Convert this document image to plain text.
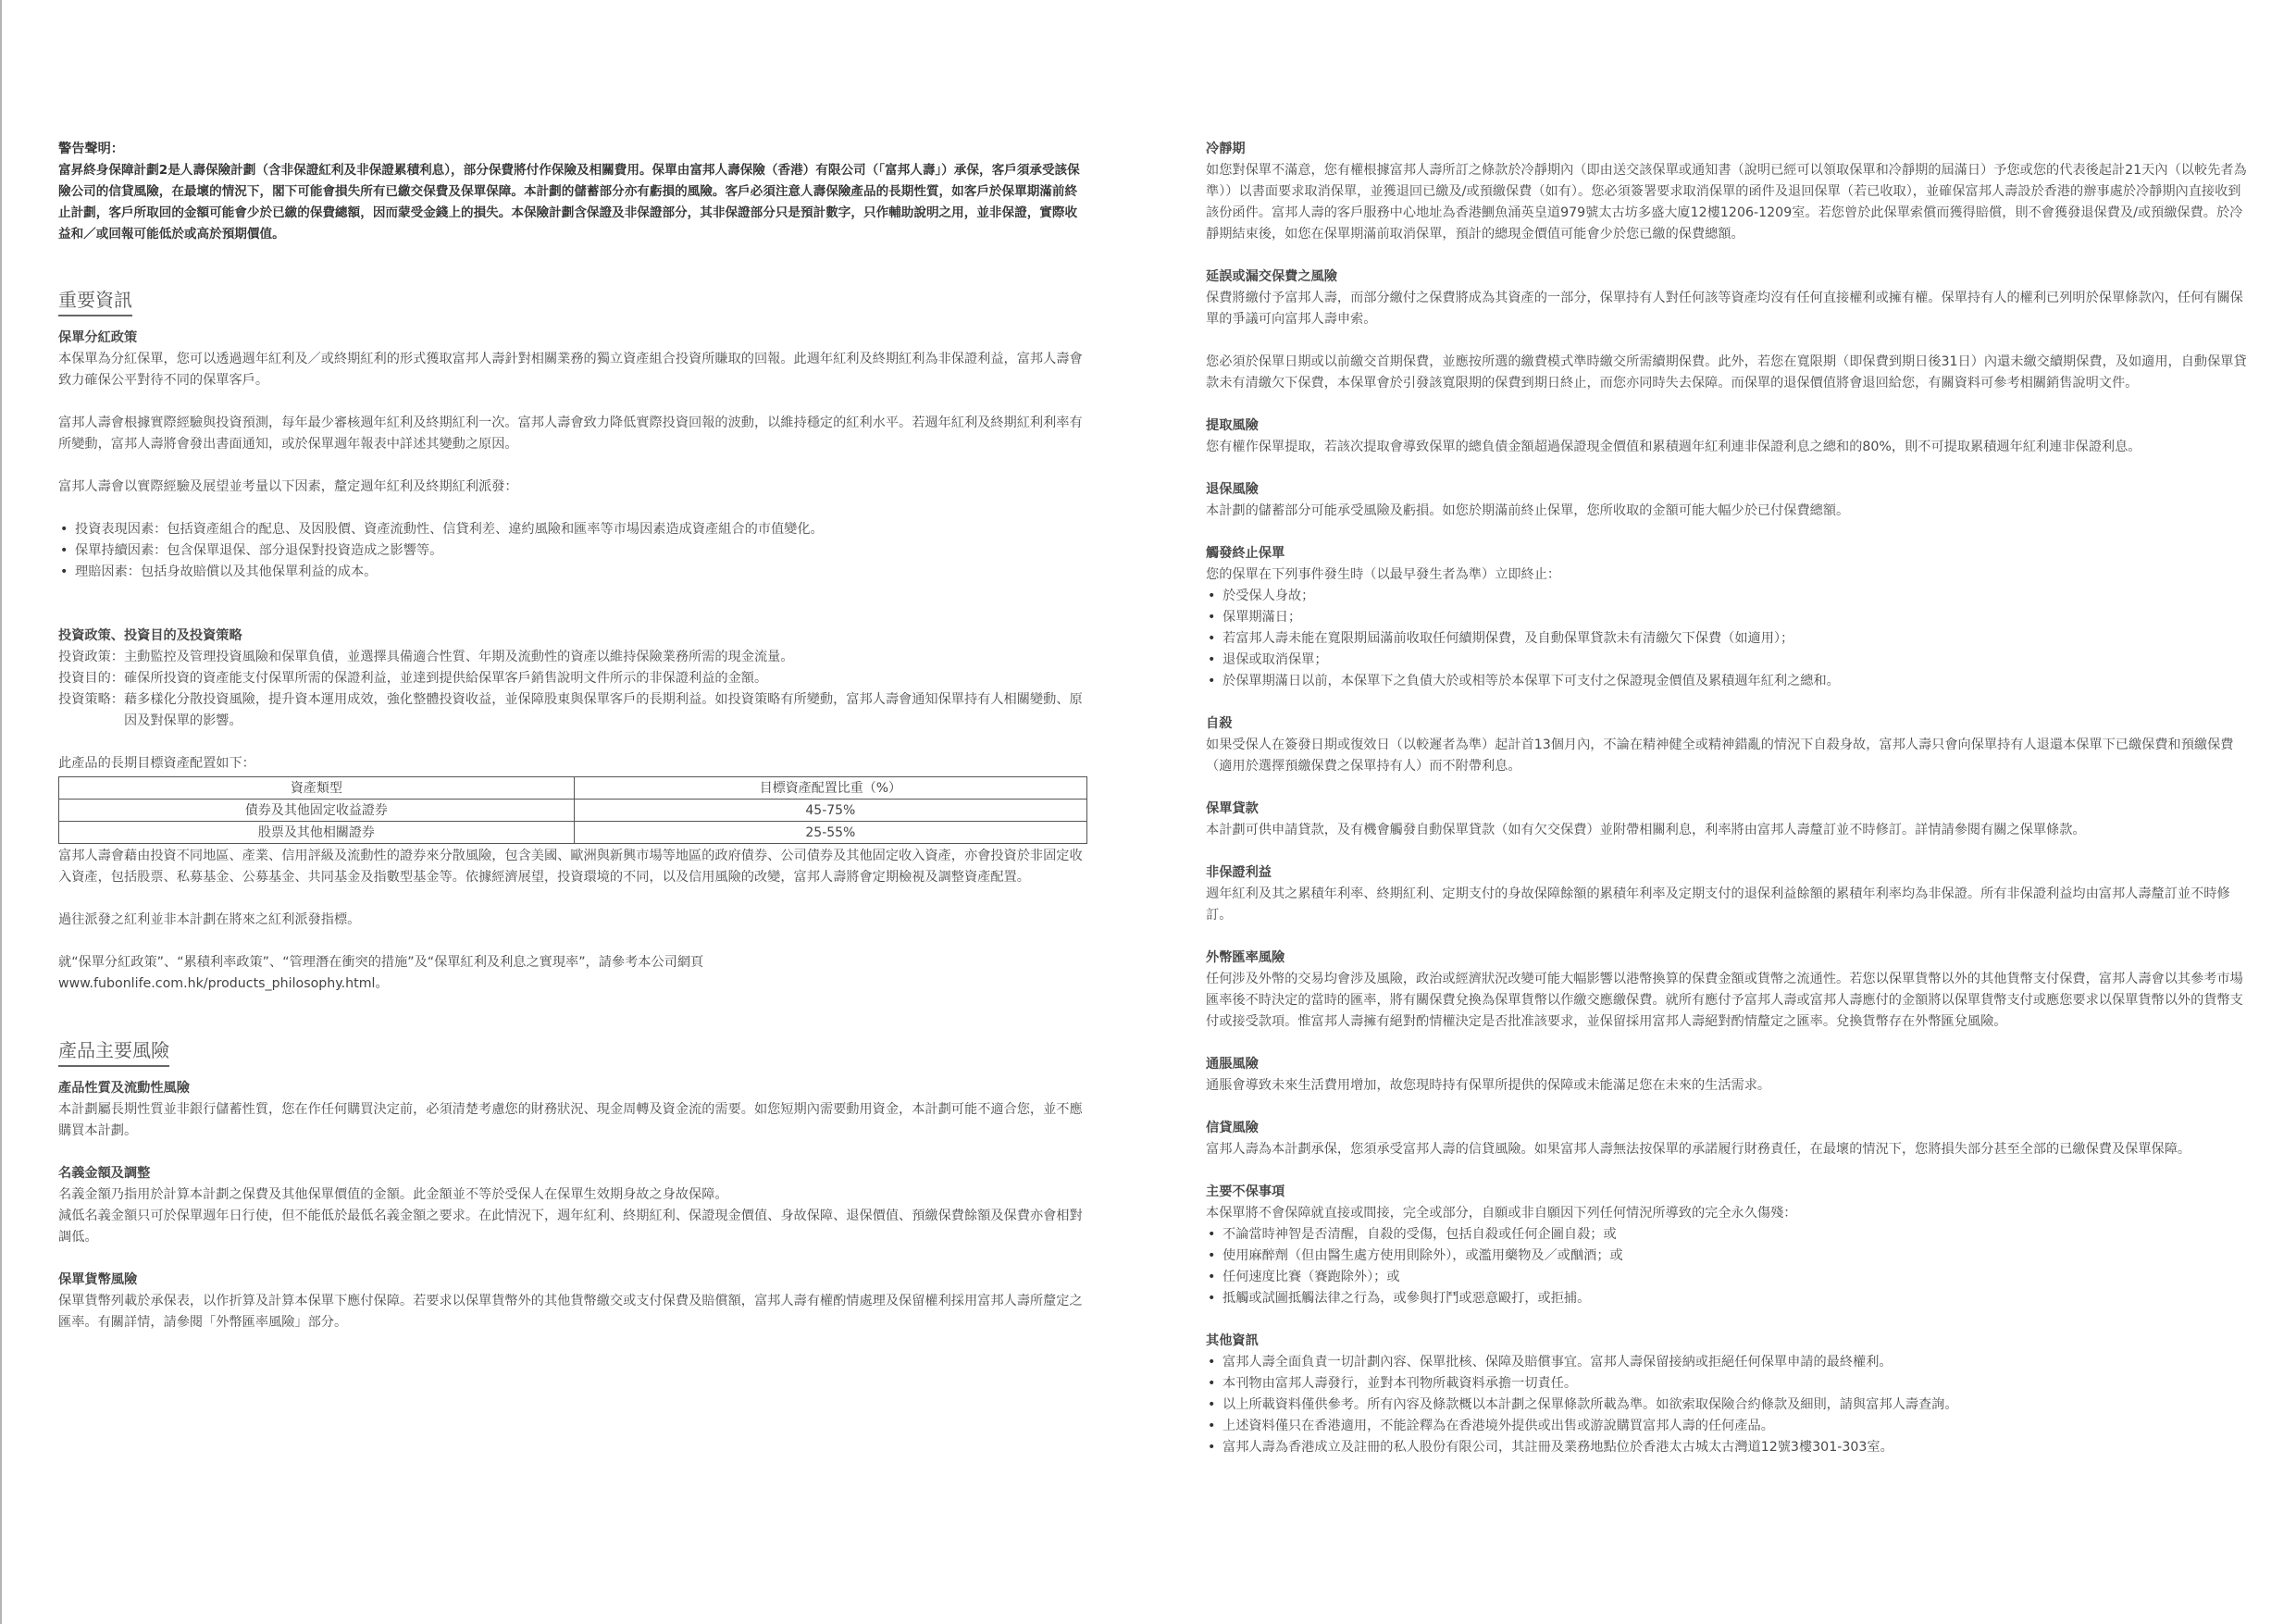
警告聲明：

富昇終身保障計劃2是人壽保險計劃（含非保證紅利及非保證累積利息），部分保費將付作保險及相關費用。保單由富邦人壽保險（香港）有限公司（「富邦人壽」）承保，客戶須承受該保險公司的信貸風險，在最壞的情況下，閣下可能會損失所有已繳交保費及保單保障。本計劃的儲蓄部分亦有虧損的風險。客戶必須注意人壽保險產品的長期性質，如客戶於保單期滿前終止計劃，客戶所取回的金額可能會少於已繳的保費總額，因而蒙受金錢上的損失。本保險計劃含保證及非保證部分，其非保證部分只是預計數字，只作輔助說明之用，並非保證，實際收益和／或回報可能低於或高於預期價值。

重要資訊

保單分紅政策

本保單為分紅保單，您可以透過週年紅利及／或終期紅利的形式獲取富邦人壽針對相關業務的獨立資產組合投資所賺取的回報。此週年紅利及終期紅利為非保證利益，富邦人壽會致力確保公平對待不同的保單客戶。

富邦人壽會根據實際經驗與投資預測，每年最少審核週年紅利及終期紅利一次。富邦人壽會致力降低實際投資回報的波動，以維持穩定的紅利水平。若週年紅利及終期紅利利率有所變動，富邦人壽將會發出書面通知，或於保單週年報表中詳述其變動之原因。

富邦人壽會以實際經驗及展望並考量以下因素，釐定週年紅利及終期紅利派發：

• 投資表現因素：包括資產組合的配息、及因股價、資產流動性、信貸利差、違約風險和匯率等市場因素造成資產組合的市值變化。
• 保單持續因素：包含保單退保、部分退保對投資造成之影響等。
• 理賠因素：包括身故賠償以及其他保單利益的成本。

投資政策、投資目的及投資策略

投資政策： 主動監控及管理投資風險和保單負債，並選擇具備適合性質、年期及流動性的資產以維持保險業務所需的現金流量。
投資目的： 確保所投資的資產能支付保單所需的保證利益，並達到提供給保單客戶銷售說明文件所示的非保證利益的金額。
投資策略： 藉多樣化分散投資風險，提升資本運用成效，強化整體投資收益，並保障股東與保單客戶的長期利益。如投資策略有所變動，富邦人壽會通知保單持有人相關變動、原因及對保單的影響。

此產品的長期目標資產配置如下：

資產類型	目標資產配置比重（%）
債券及其他固定收益證券	45-75%
股票及其他相關證券	25-55%

富邦人壽會藉由投資不同地區、產業、信用評級及流動性的證券來分散風險，包含美國、歐洲與新興市場等地區的政府債券、公司債券及其他固定收入資產，亦會投資於非固定收入資產，包括股票、私募基金、公募基金、共同基金及指數型基金等。依據經濟展望，投資環境的不同，以及信用風險的改變，富邦人壽將會定期檢視及調整資產配置。

過往派發之紅利並非本計劃在將來之紅利派發指標。

就“保單分紅政策”、“累積利率政策”、“管理潛在衝突的措施”及“保單紅利及利息之實現率”，請參考本公司網頁

www.fubonlife.com.hk/products_philosophy.html。

產品主要風險

產品性質及流動性風險

本計劃屬長期性質並非銀行儲蓄性質，您在作任何購買決定前，必須清楚考慮您的財務狀況、現金周轉及資金流的需要。如您短期內需要動用資金，本計劃可能不適合您，並不應購買本計劃。

名義金額及調整

名義金額乃指用於計算本計劃之保費及其他保單價值的金額。此金額並不等於受保人在保單生效期身故之身故保障。

減低名義金額只可於保單週年日行使，但不能低於最低名義金額之要求。在此情況下，週年紅利、終期紅利、保證現金價值、身故保障、退保價值、預繳保費餘額及保費亦會相對調低。

保單貨幣風險

保單貨幣列載於承保表，以作折算及計算本保單下應付保障。若要求以保單貨幣外的其他貨幣繳交或支付保費及賠償額，富邦人壽有權酌情處理及保留權利採用富邦人壽所釐定之匯率。有關詳情，請參閱「外幣匯率風險」部分。

冷靜期

如您對保單不滿意，您有權根據富邦人壽所訂之條款於冷靜期內（即由送交該保單或通知書（說明已經可以領取保單和冷靜期的屆滿日）予您或您的代表後起計21天內（以較先者為準））以書面要求取消保單，並獲退回已繳及/或預繳保費（如有）。您必須簽署要求取消保單的函件及退回保單（若已收取），並確保富邦人壽設於香港的辦事處於冷靜期內直接收到該份函件。富邦人壽的客戶服務中心地址為香港鰂魚涌英皇道979號太古坊多盛大廈12樓1206-1209室。若您曾於此保單索償而獲得賠償，則不會獲發退保費及/或預繳保費。於冷靜期結束後，如您在保單期滿前取消保單，預計的總現金價值可能會少於您已繳的保費總額。

延誤或漏交保費之風險

保費將繳付予富邦人壽，而部分繳付之保費將成為其資產的一部分，保單持有人對任何該等資產均沒有任何直接權利或擁有權。保單持有人的權利已列明於保單條款內，任何有關保單的爭議可向富邦人壽申索。

您必須於保單日期或以前繳交首期保費，並應按所選的繳費模式準時繳交所需續期保費。此外，若您在寬限期（即保費到期日後31日）內還未繳交續期保費，及如適用，自動保單貸款未有清繳欠下保費，本保單會於引發該寬限期的保費到期日終止，而您亦同時失去保障。而保單的退保價值將會退回給您，有關資料可參考相關銷售說明文件。

提取風險

您有權作保單提取，若該次提取會導致保單的總負債金額超過保證現金價值和累積週年紅利連非保證利息之總和的80%，則不可提取累積週年紅利連非保證利息。

退保風險

本計劃的儲蓄部分可能承受風險及虧損。如您於期滿前終止保單，您所收取的金額可能大幅少於已付保費總額。

觸發終止保單

您的保單在下列事件發生時（以最早發生者為準）立即終止：

• 於受保人身故；
• 保單期滿日；
• 若富邦人壽未能在寬限期屆滿前收取任何續期保費，及自動保單貸款未有清繳欠下保費（如適用）；
• 退保或取消保單；
• 於保單期滿日以前，本保單下之負債大於或相等於本保單下可支付之保證現金價值及累積週年紅利之總和。

自殺

如果受保人在簽發日期或復效日（以較遲者為準）起計首13個月內，不論在精神健全或精神錯亂的情況下自殺身故，富邦人壽只會向保單持有人退還本保單下已繳保費和預繳保費（適用於選擇預繳保費之保單持有人）而不附帶利息。

保單貸款

本計劃可供申請貸款，及有機會觸發自動保單貸款（如有欠交保費）並附帶相關利息，利率將由富邦人壽釐訂並不時修訂。詳情請參閱有關之保單條款。

非保證利益

週年紅利及其之累積年利率、終期紅利、定期支付的身故保障餘額的累積年利率及定期支付的退保利益餘額的累積年利率均為非保證。所有非保證利益均由富邦人壽釐訂並不時修訂。

外幣匯率風險

任何涉及外幣的交易均會涉及風險，政治或經濟狀況改變可能大幅影響以港幣換算的保費金額或貨幣之流通性。若您以保單貨幣以外的其他貨幣支付保費，富邦人壽會以其參考市場匯率後不時決定的當時的匯率，將有關保費兌換為保單貨幣以作繳交應繳保費。就所有應付予富邦人壽或富邦人壽應付的金額將以保單貨幣支付或應您要求以保單貨幣以外的貨幣支付或接受款項。惟富邦人壽擁有絕對酌情權決定是否批准該要求，並保留採用富邦人壽絕對酌情釐定之匯率。兌換貨幣存在外幣匯兌風險。

通脹風險

通脹會導致未來生活費用增加，故您現時持有保單所提供的保障或未能滿足您在未來的生活需求。

信貸風險

富邦人壽為本計劃承保，您須承受富邦人壽的信貸風險。如果富邦人壽無法按保單的承諾履行財務責任，在最壞的情況下，您將損失部分甚至全部的已繳保費及保單保障。

主要不保事項

本保單將不會保障就直接或間接，完全或部分，自願或非自願因下列任何情況所導致的完全永久傷殘：

• 不論當時神智是否清醒，自殺的受傷，包括自殺或任何企圖自殺；或
• 使用麻醉劑（但由醫生處方使用則除外），或濫用藥物及／或酗酒；或
• 任何速度比賽（賽跑除外）；或
• 抵觸或試圖抵觸法律之行為，或參與打鬥或惡意毆打，或拒捕。

其他資訊

• 富邦人壽全面負責一切計劃內容、保單批核、保障及賠償事宜。富邦人壽保留接納或拒絕任何保單申請的最終權利。
• 本刊物由富邦人壽發行，並對本刊物所載資料承擔一切責任。
• 以上所載資料僅供參考。所有內容及條款概以本計劃之保單條款所載為準。如欲索取保險合約條款及細則，請與富邦人壽查詢。
• 上述資料僅只在香港適用，不能詮釋為在香港境外提供或出售或游說購買富邦人壽的任何產品。
• 富邦人壽為香港成立及註冊的私人股份有限公司，其註冊及業務地點位於香港太古城太古灣道12號3樓301-303室。
